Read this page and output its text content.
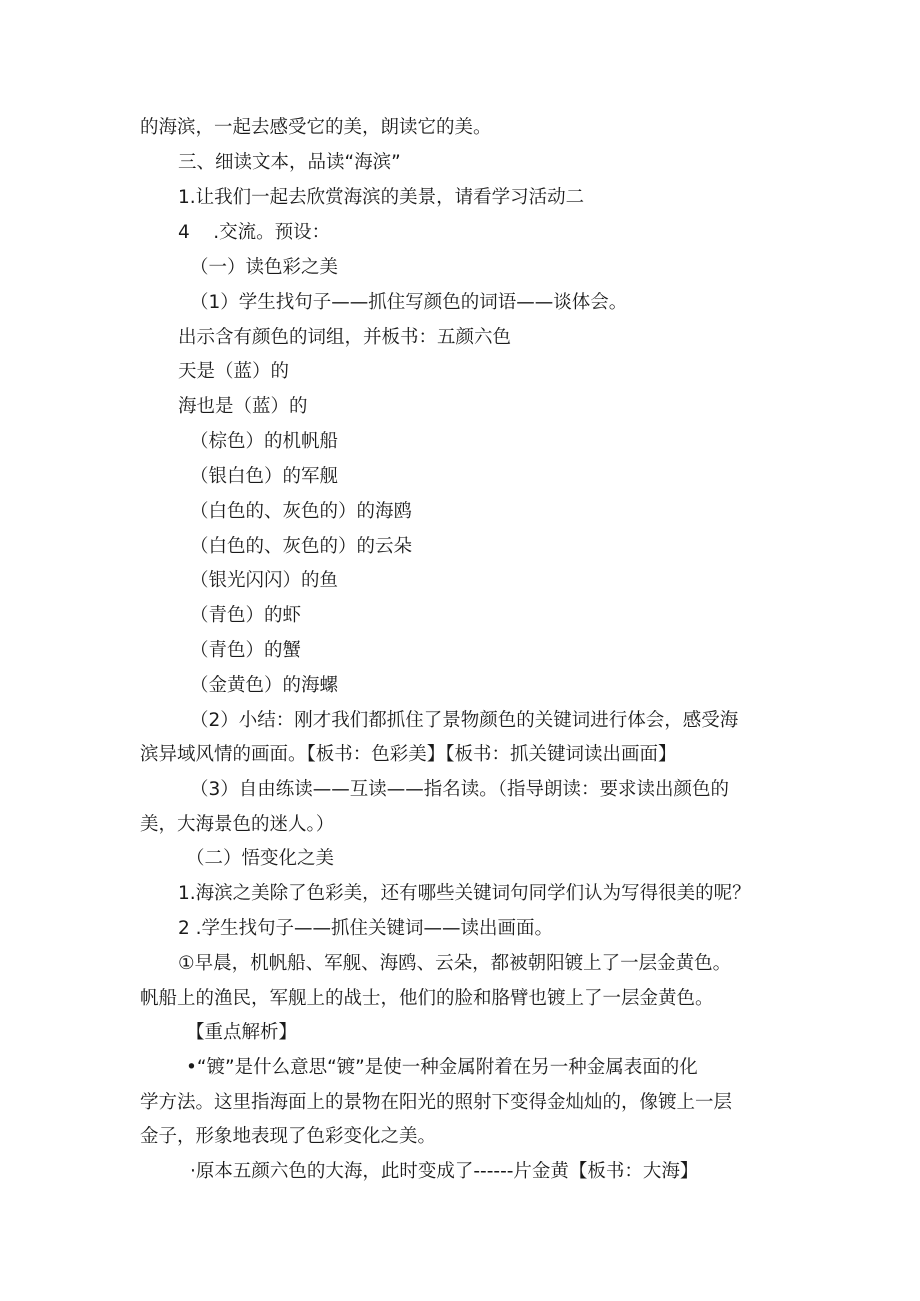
的海滨，一起去感受它的美，朗读它的美。
三、细读文本，品读“海滨”
1.让我们一起去欣赏海滨的美景，请看学习活动二
4	.交流。预设：
（一）读色彩之美
（1）学生找句子——抓住写颜色的词语——谈体会。
出示含有颜色的词组，并板书：五颜六色
天是（蓝）的
海也是（蓝）的
（棕色）的机帆船
（银白色）的军舰
（白色的、灰色的）的海鸥
（白色的、灰色的）的云朵
（银光闪闪）的鱼
（青色）的虾
（青色）的蟹
（金黄色）的海螺
（2）小结：刚才我们都抓住了景物颜色的关键词进行体会，感受海
滨异域风情的画面。【板书：色彩美】【板书：抓关键词读出画面】
（3）自由练读——互读——指名读。（指导朗读：要求读出颜色的
美，大海景色的迷人。）
（二）悟变化之美
1.海滨之美除了色彩美，还有哪些关键词句同学们认为写得很美的呢？
2 .学生找句子——抓住关键词——读出画面。
①早晨，机帆船、军舰、海鸥、云朵，都被朝阳镀上了一层金黄色。
帆船上的渔民，军舰上的战士，他们的脸和胳臂也镀上了一层金黄色。
【重点解析】
•“镀”是什么意思“镀”是使一种金属附着在另一种金属表面的化
学方法。这里指海面上的景物在阳光的照射下变得金灿灿的，像镀上一层
金子，形象地表现了色彩变化之美。
·原本五颜六色的大海，此时变成了------片金黄【板书：大海】
